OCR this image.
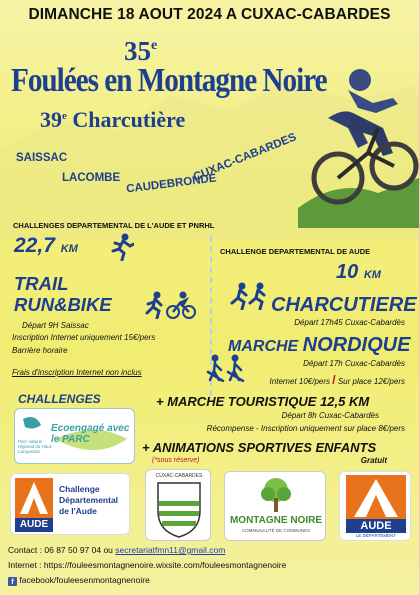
DIMANCHE 18 AOUT 2024 A CUXAC-CABARDES
35e
Foulées en Montagne Noire
39e Charcutière
SAISSAC
LACOMBE CAUDEBRONDE
CUXAC-CABARDES
CHALLENGES DEPARTEMENTAL DE L'AUDE ET PNRHL
22,7 KM
TRAIL
RUN&BIKE
Départ 9H Saissac
Inscription Internet uniquement 15€/pers
Barrière horaire
Frais d'inscription Internet non inclus
CHALLENGE DEPARTEMENTAL DE AUDE
10 KM
CHARCUTIERE
Départ 17h45 Cuxac-Cabardès
MARCHE NORDIQUE
Départ 17h Cuxac-Cabardès
Internet 10€/pers / Sur place 12€/pers
+ MARCHE TOURISTIQUE 12,5 KM
Départ 8h Cuxac-Cabardès
Récompense - Inscription uniquement sur place 8€/pers
CHALLENGES
Ecoengagé avec le PARC
Parc naturel régional du Haut-Languedoc	+ ANIMATIONS SPORTIVES ENFANTS
(*sous réserve)	Gratuit
AUDE
Challenge
Départemental
de l'Aude
CUXAC-CABARDES
MONTAGNE NOIRE
COMMUNAUTÉ DE COMMUNES	AUDE
LE DÉPARTEMENT
Contact : 06 87 50 97 04 ou secretariatfmn11@gmail.com
Internet : https://fouleesmontagnenoire.wixsite.com/fouleesmontagnenoire
f facebook/fouleesenmontagnenoire
